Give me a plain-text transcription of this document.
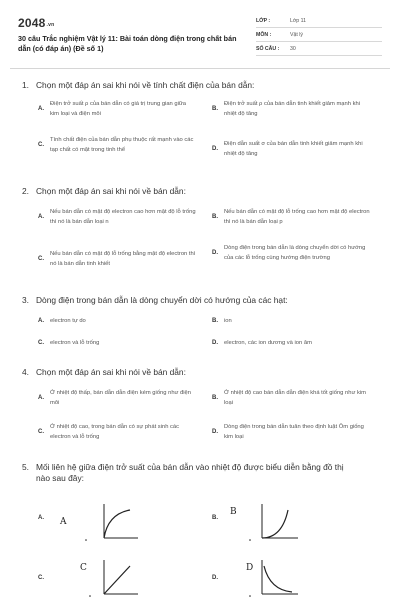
$2048^{.vn}$
30 câu Trắc nghiệm Vật lý 11: Bài toán dòng điện trong chất bán dẫn (có đáp án) (Đề số 1)
LỚP :	Lớp 11
MÔN :	Vật lý
SỐ CÂU :	30
1. Chọn một đáp án sai khi nói về tính chất điện của bán dẫn:
A.
Điện trở suất ρ của bán dẫn có giá trị trung gian giữa kim loại và điện môi
B.
Điện trở suất ρ của bán dẫn tinh khiết giảm mạnh khi nhiệt độ tăng
C.
Tính chất điện của bán dẫn phụ thuộc rất mạnh vào các tạp chất có mặt trong tinh thể	D.
Điện dẫn suất σ của bán dẫn tinh khiết giảm mạnh khi nhiệt độ tăng
2. Chọn một đáp án sai khi nói về bán dẫn:
A.
Nếu bán dẫn có mật độ electron cao hơn mật độ lỗ trống thì nó là bán dẫn loại n
B.
Nếu bán dẫn có mật độ lỗ trống cao hơn mật độ electron thì nó là bán dẫn loại p
C.
Nếu bán dẫn có mật độ lỗ trống bằng mật độ electron thì nó là bán dẫn tinh khiết
D.
Dòng điện trong bán dẫn là dòng chuyển dời có hướng của các lỗ trống cùng hướng điện trường
3. Dòng điện trong bán dẫn là dòng chuyển dời có hướng của các hạt:
A.	electron tự do	B.	ion
C.	electron và lỗ trống	D.	electron, các ion dương và ion âm
4. Chọn một đáp án sai khi nói về bán dẫn:
A.
Ở nhiệt độ thấp, bán dẫn dẫn điện kém giống như điện môi
B.
Ở nhiệt độ cao bán dẫn dẫn điện khá tốt giống như kim loại
C.
Ở nhiệt độ cao, trong bán dẫn có sự phát sinh các electron và lỗ trống
D.
Dòng điện trong bán dẫn tuân theo định luật Ôm giống kim loại
5. Mối liên hệ giữa điện trở suất của bán dẫn vào nhiệt độ được biểu diễn bằng đồ thị nào sau đây:
A.	A	B.
B
C.
C
D.
D
